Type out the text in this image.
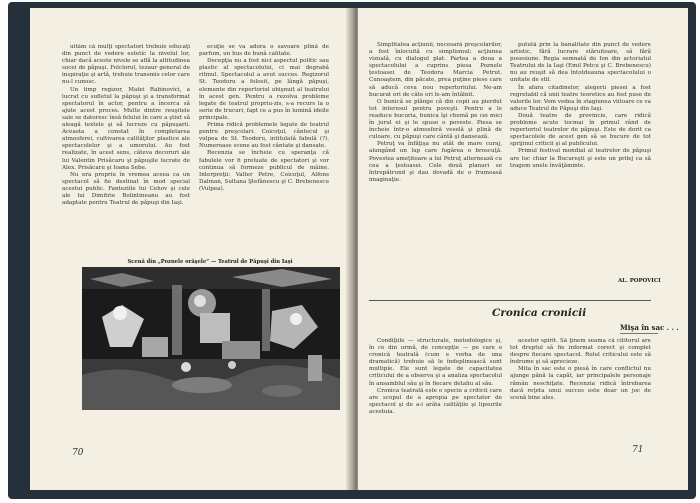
uitâm că mulţi spectatori trebuie educaţi din punct de vedere estetic la nivelul lor, chiar dacă aceste nivele se află la altitudinea socei de păpuşi. Folclorul, tezaur general de inspiraţie şi artă, trebuie transmis celor care nu-l cunosc.

Un timp regizor, Matei Rabinovici, a lucrat cu sufletul la păpuşi şi a transformat spectatorul în actor, pentru a încerca să ajute acest proces. Multe dintre reuşitele sale se datoresc însă felului în care a ştiut să aleagă textele şi să lucreze cu păpuşarii. Aceasta a constat în completarea atmosferei, cultivarea calităţilor plastice ale spectacolelor şi a umorului. Au fost realizate, în acest sens, câteva decoruri ale lui Valentin Prisăcaru şi păpuşile lucrate de Alex. Prisăcaru şi Ioana Sebe.

Nu era propriu în vremea aceea ca un spectacol să fie destinat în mod special acestui public. Fanteziile lui Cehov şi cele ale lui Dimitrie Bolintineanu au fost adaptate pentru Teatrul de păpuşi din Iaşi.

ecuţie se va adora o savoare plină de parfum, un hus de bună calitate.

Decepţia nu a fost nici aspectul politic sau plastic al spectacolului, ci mai degrabă ritmul. Spectacolul a avut succes. Regizorul St. Teodoru a folosit, pe lângă păpuşi, elemente din repertoriul obişnuit al teatrului în acest gen. Pentru a rezolva probleme legate de teatrul propriu-zis, s-a recurs la o serie de trucuri, fapt ce a pus în lumină ideile principale.

Prima ridică problemele legate de teatrul pentru preşcolari. Coicoţul, cântecul şi vulpea de St. Teodoru, intitulată fabulă (?). Numeroase scene au fost cântate şi dansate.

Recenzia se încheie cu speranţa că fabulele vor fi preluate de spectatori şi vor continua să formeze publicul de mâine. Interpreţii: Valter Petre, Coicoţul, Alfons Dalman, Sultana Ştefănescu şi C. Brebenescu (Vulpea).

Scenă din „Poznele orăşele” — Teatrul de Păpuşi din Iaşi
70

Simplitatea acţiunii, necesară preşcolarilor, a fost înlocuită cu simplismul; acţiunea vizuală, cu dialogul plat. Partea a doua a spectacolului a cuprins piesa Poznele ţestoasei de Teodora Marcia Petrut. Cunoaştem, din păcate, prea puţine piese care să aducă ceva nou repertoriului. Ne-am bucurat ori de câte ori le-am întâlnit.

O bunică se plânge că din copii au pierdut tot interesul pentru poveşti. Pentru a le readuce bucuria, bunica îşi chemă pe cei mici în jurul ei şi le spuse o poveste. Piesa se încheie într-o atmosferă veselă şi plină de culoare, cu păpuşi care cântă şi dansează.

Petruţ va înfăţişa nu atât de mare curaj, alungând un lup care fugărea o broscuţă. Povestea ameţitoare a lui Petruţ alternează cu cea a ţestoasei. Cele două planuri se întrepătrund şi dau dovadă de o frumoasă imaginaţie.

putută prin la banalitate din punct de vedere artistic, fără lucrare stăruitoare, să fără posesiune. Regia semnată de Ion din actoriatul Teatrului de la Iaşi (Emil Petcu şi C. Brebenescu) nu au reuşit să dea întotdeauna spectacolului o unitate de stil.

În afara citadinelor, alegerii piesei a fost regretabil că unii teatre teoretice au fost puse de valorile lor. Vom vedea în stagiunea viitoare ce va aduce Teatrul de Păpuşi din Iaşi.

Două teatre de provincie, care ridică probleme acute tocmai în primul rând de repertoriul teatrelor de păpuşi. Este de dorit ca spectacolele de acest gen să se bucure de tot sprijinul criticii şi al publicului.

Primul festival mondial al teatrelor de păpuşi are loc chiar la Bucureşti şi este un prilej ca să tragem unele învăţăminte.

AL. POPOVICI
Cronica cronicii
Mişa în sac . . .

Condiţiile — structurale, metodologice şi, în ce din urmă, de concepţie — pe care o cronică teatrală (cum e vorba de una dramatică) trebuie să le îndeplinească sunt multiple. Ele sunt legate de capacitatea criticului de a observa şi a analiza spectacolul în ansamblul său şi în fiecare detaliu al său.

Cronica teatrală este o specie a criticii care are scopul de a apropia pe spectator de spectacol şi de a-i arăta calităţile şi lipsurile acestuia.

acestor spirit. Să ţinem seama că cititorul are tot dreptul să fie informat corect şi complet despre fiecare spectacol. Rolul criticului este să îndrume şi să aprecieze.

Mita în sac este o piesă în care conflictul nu ajunge până la capăt, iar principalele personaje rămân neschiţate. Recenzia ridică întrebarea dacă reţeta unui succes este doar un joc de scenă bine ales.

71
